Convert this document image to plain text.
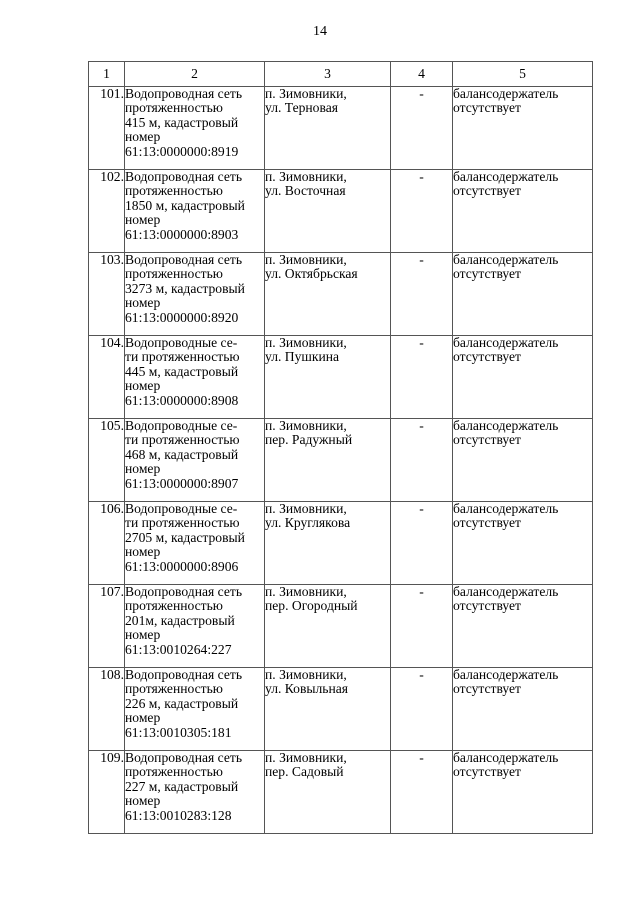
14
1	2	3	4	5
101.	Водопроводная сеть
протяженностью
415 м, кадастровый
номер
61:13:0000000:8919	п. Зимовники,
ул. Терновая	-	балансодержатель
отсутствует

102.	Водопроводная сеть
протяженностью
1850 м, кадастровый
номер
61:13:0000000:8903	п. Зимовники,
ул. Восточная	-	балансодержатель
отсутствует

103.	Водопроводная сеть
протяженностью
3273 м, кадастровый
номер
61:13:0000000:8920	п. Зимовники,
ул. Октябрьская	-	балансодержатель
отсутствует

104.	Водопроводные се-
ти протяженностью
445 м, кадастровый
номер
61:13:0000000:8908	п. Зимовники,
ул. Пушкина	-	балансодержатель
отсутствует

105.	Водопроводные се-
ти протяженностью
468 м, кадастровый
номер
61:13:0000000:8907	п. Зимовники,
пер. Радужный	-	балансодержатель
отсутствует

106.	Водопроводные се-
ти протяженностью
2705 м, кадастровый
номер
61:13:0000000:8906	п. Зимовники,
ул. Круглякова	-	балансодержатель
отсутствует

107.	Водопроводная сеть
протяженностью
201м, кадастровый
номер
61:13:0010264:227	п. Зимовники,
пер. Огородный	-	балансодержатель
отсутствует

108.	Водопроводная сеть
протяженностью
226 м, кадастровый
номер
61:13:0010305:181	п. Зимовники,
ул. Ковыльная	-	балансодержатель
отсутствует

109.	Водопроводная сеть
протяженностью
227 м, кадастровый
номер
61:13:0010283:128	п. Зимовники,
пер. Садовый	-	балансодержатель
отсутствует
